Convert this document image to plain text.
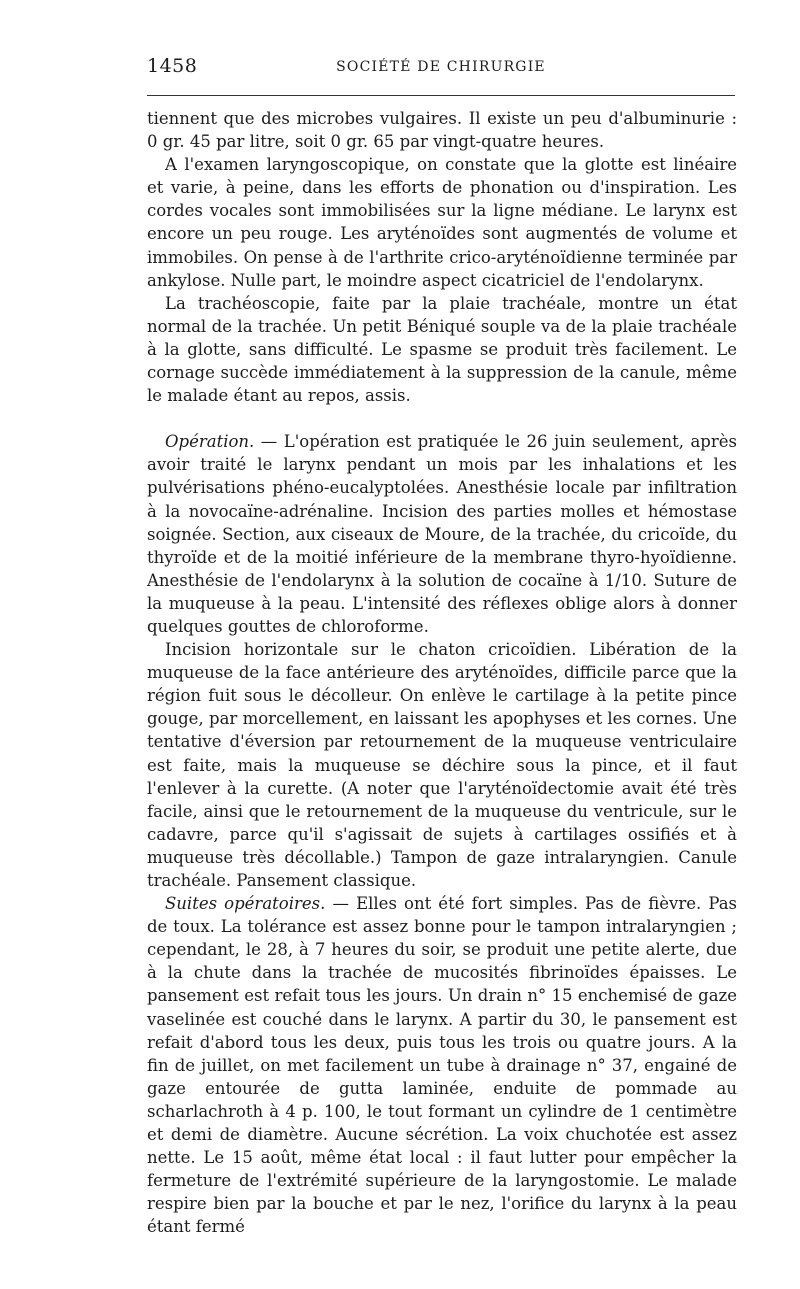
1458	SOCIÉTÉ DE CHIRURGIE

tiennent que des microbes vulgaires. Il existe un peu d'albuminurie : 0 gr. 45 par litre, soit 0 gr. 65 par vingt-quatre heures.

A l'examen laryngoscopique, on constate que la glotte est linéaire et varie, à peine, dans les efforts de phonation ou d'inspiration. Les cordes vocales sont immobilisées sur la ligne médiane. Le larynx est encore un peu rouge. Les aryténoïdes sont augmentés de volume et immobiles. On pense à de l'arthrite crico-aryténoïdienne terminée par ankylose. Nulle part, le moindre aspect cicatriciel de l'endolarynx.

La trachéoscopie, faite par la plaie trachéale, montre un état normal de la trachée. Un petit Béniqué souple va de la plaie trachéale à la glotte, sans difficulté. Le spasme se produit très facilement. Le cornage succède immédiatement à la suppression de la canule, même le malade étant au repos, assis.

Opération. — L'opération est pratiquée le 26 juin seulement, après avoir traité le larynx pendant un mois par les inhalations et les pulvérisations phéno-eucalyptolées. Anesthésie locale par infiltration à la novocaïne-adrénaline. Incision des parties molles et hémostase soignée. Section, aux ciseaux de Moure, de la trachée, du cricoïde, du thyroïde et de la moitié inférieure de la membrane thyro-hyoïdienne. Anesthésie de l'endolarynx à la solution de cocaïne à 1/10. Suture de la muqueuse à la peau. L'intensité des réflexes oblige alors à donner quelques gouttes de chloroforme.

Incision horizontale sur le chaton cricoïdien. Libération de la muqueuse de la face antérieure des aryténoïdes, difficile parce que la région fuit sous le décolleur. On enlève le cartilage à la petite pince gouge, par morcellement, en laissant les apophyses et les cornes. Une tentative d'éversion par retournement de la muqueuse ventriculaire est faite, mais la muqueuse se déchire sous la pince, et il faut l'enlever à la curette. (A noter que l'aryténoïdectomie avait été très facile, ainsi que le retournement de la muqueuse du ventricule, sur le cadavre, parce qu'il s'agissait de sujets à cartilages ossifiés et à muqueuse très décollable.) Tampon de gaze intralaryngien. Canule trachéale. Pansement classique.

Suites opératoires. — Elles ont été fort simples. Pas de fièvre. Pas de toux. La tolérance est assez bonne pour le tampon intralaryngien ; cependant, le 28, à 7 heures du soir, se produit une petite alerte, due à la chute dans la trachée de mucosités fibrinoïdes épaisses. Le pansement est refait tous les jours. Un drain n° 15 enchemisé de gaze vaselinée est couché dans le larynx. A partir du 30, le pansement est refait d'abord tous les deux, puis tous les trois ou quatre jours. A la fin de juillet, on met facilement un tube à drainage n° 37, engainé de gaze entourée de gutta laminée, enduite de pommade au scharlachroth à 4 p. 100, le tout formant un cylindre de 1 centimètre et demi de diamètre. Aucune sécrétion. La voix chuchotée est assez nette. Le 15 août, même état local : il faut lutter pour empêcher la fermeture de l'extrémité supérieure de la laryngostomie. Le malade respire bien par la bouche et par le nez, l'orifice du larynx à la peau étant fermé
